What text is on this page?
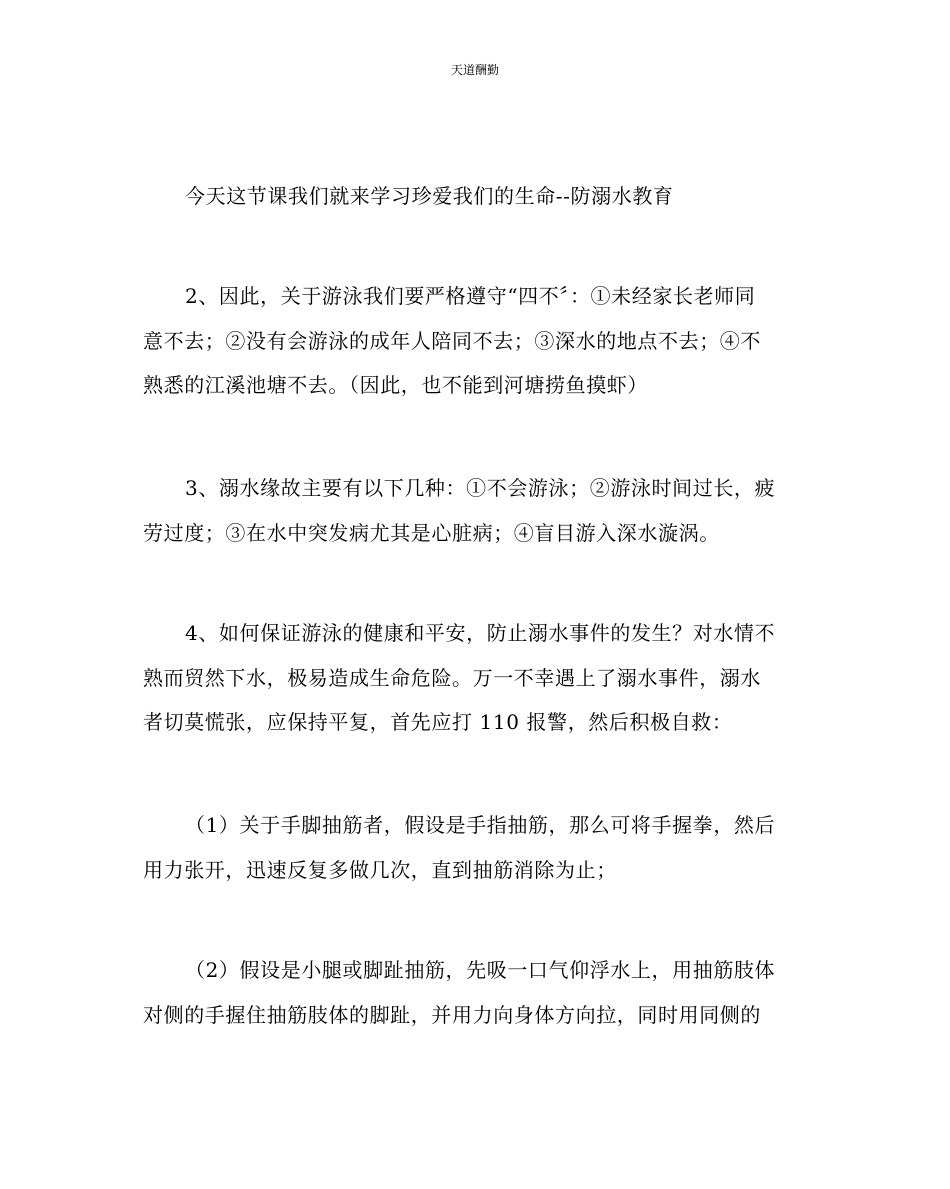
天道酬勤
今天这节课我们就来学习珍爱我们的生命--防溺水教育
2、因此，关于游泳我们要严格遵守“四不〞：①未经家长老师同
意不去；②没有会游泳的成年人陪同不去；③深水的地点不去；④不
熟悉的江溪池塘不去。（因此，也不能到河塘捞鱼摸虾）
3、溺水缘故主要有以下几种：①不会游泳；②游泳时间过长，疲
劳过度；③在水中突发病尤其是心脏病；④盲目游入深水漩涡。
4、如何保证游泳的健康和平安，防止溺水事件的发生？对水情不
熟而贸然下水，极易造成生命危险。万一不幸遇上了溺水事件，溺水
者切莫慌张，应保持平复，首先应打 110 报警，然后积极自救：
（1）关于手脚抽筋者，假设是手指抽筋，那么可将手握拳，然后
用力张开，迅速反复多做几次，直到抽筋消除为止；
（2）假设是小腿或脚趾抽筋，先吸一口气仰浮水上，用抽筋肢体
对侧的手握住抽筋肢体的脚趾，并用力向身体方向拉，同时用同侧的
